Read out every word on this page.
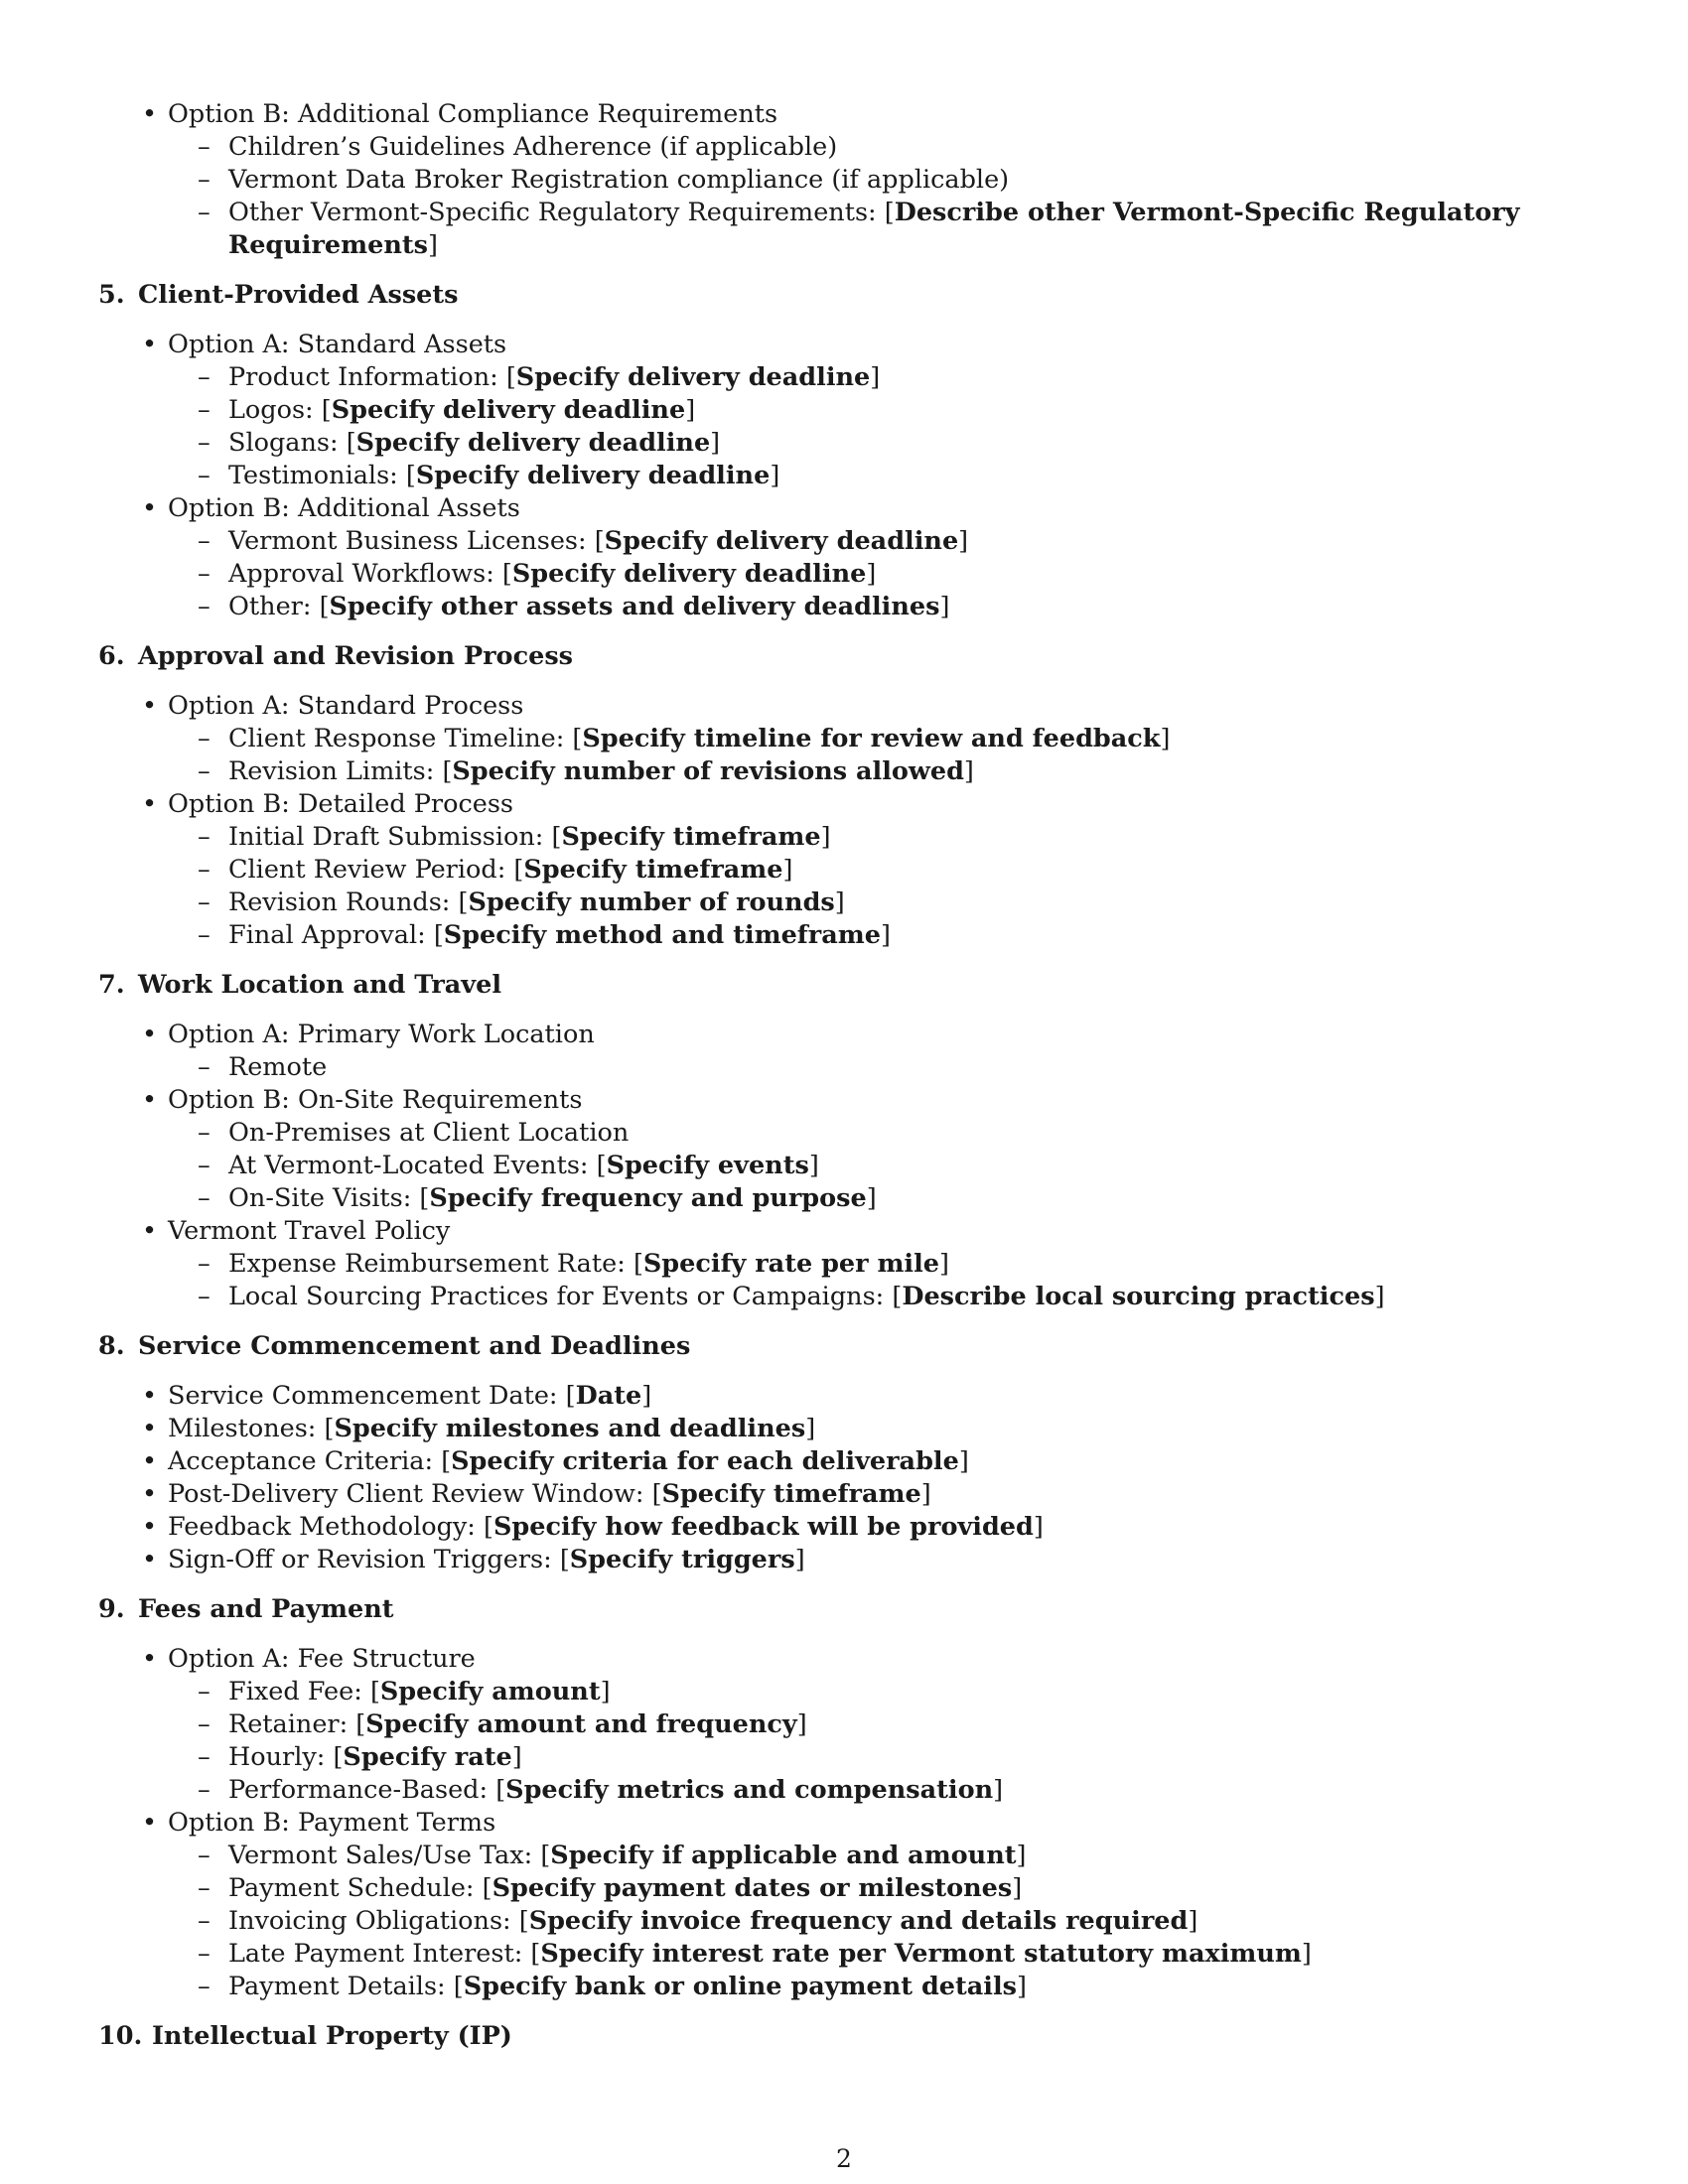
• Option B: Additional Compliance Requirements
– Children’s Guidelines Adherence (if applicable)
– Vermont Data Broker Registration compliance (if applicable)
– Other Vermont-Specific Regulatory Requirements: [Describe other Vermont-Specific Regulatory Requirements]
5. Client-Provided Assets
• Option A: Standard Assets
– Product Information: [Specify delivery deadline]
– Logos: [Specify delivery deadline]
– Slogans: [Specify delivery deadline]
– Testimonials: [Specify delivery deadline]
• Option B: Additional Assets
– Vermont Business Licenses: [Specify delivery deadline]
– Approval Workflows: [Specify delivery deadline]
– Other: [Specify other assets and delivery deadlines]
6. Approval and Revision Process
• Option A: Standard Process
– Client Response Timeline: [Specify timeline for review and feedback]
– Revision Limits: [Specify number of revisions allowed]
• Option B: Detailed Process
– Initial Draft Submission: [Specify timeframe]
– Client Review Period: [Specify timeframe]
– Revision Rounds: [Specify number of rounds]
– Final Approval: [Specify method and timeframe]
7. Work Location and Travel
• Option A: Primary Work Location
– Remote
• Option B: On-Site Requirements
– On-Premises at Client Location
– At Vermont-Located Events: [Specify events]
– On-Site Visits: [Specify frequency and purpose]
• Vermont Travel Policy
– Expense Reimbursement Rate: [Specify rate per mile]
– Local Sourcing Practices for Events or Campaigns: [Describe local sourcing practices]
8. Service Commencement and Deadlines
• Service Commencement Date: [Date]
• Milestones: [Specify milestones and deadlines]
• Acceptance Criteria: [Specify criteria for each deliverable]
• Post-Delivery Client Review Window: [Specify timeframe]
• Feedback Methodology: [Specify how feedback will be provided]
• Sign-Off or Revision Triggers: [Specify triggers]
9. Fees and Payment
• Option A: Fee Structure
– Fixed Fee: [Specify amount]
– Retainer: [Specify amount and frequency]
– Hourly: [Specify rate]
– Performance-Based: [Specify metrics and compensation]
• Option B: Payment Terms
– Vermont Sales/Use Tax: [Specify if applicable and amount]
– Payment Schedule: [Specify payment dates or milestones]
– Invoicing Obligations: [Specify invoice frequency and details required]
– Late Payment Interest: [Specify interest rate per Vermont statutory maximum]
– Payment Details: [Specify bank or online payment details]
10. Intellectual Property (IP)
2
